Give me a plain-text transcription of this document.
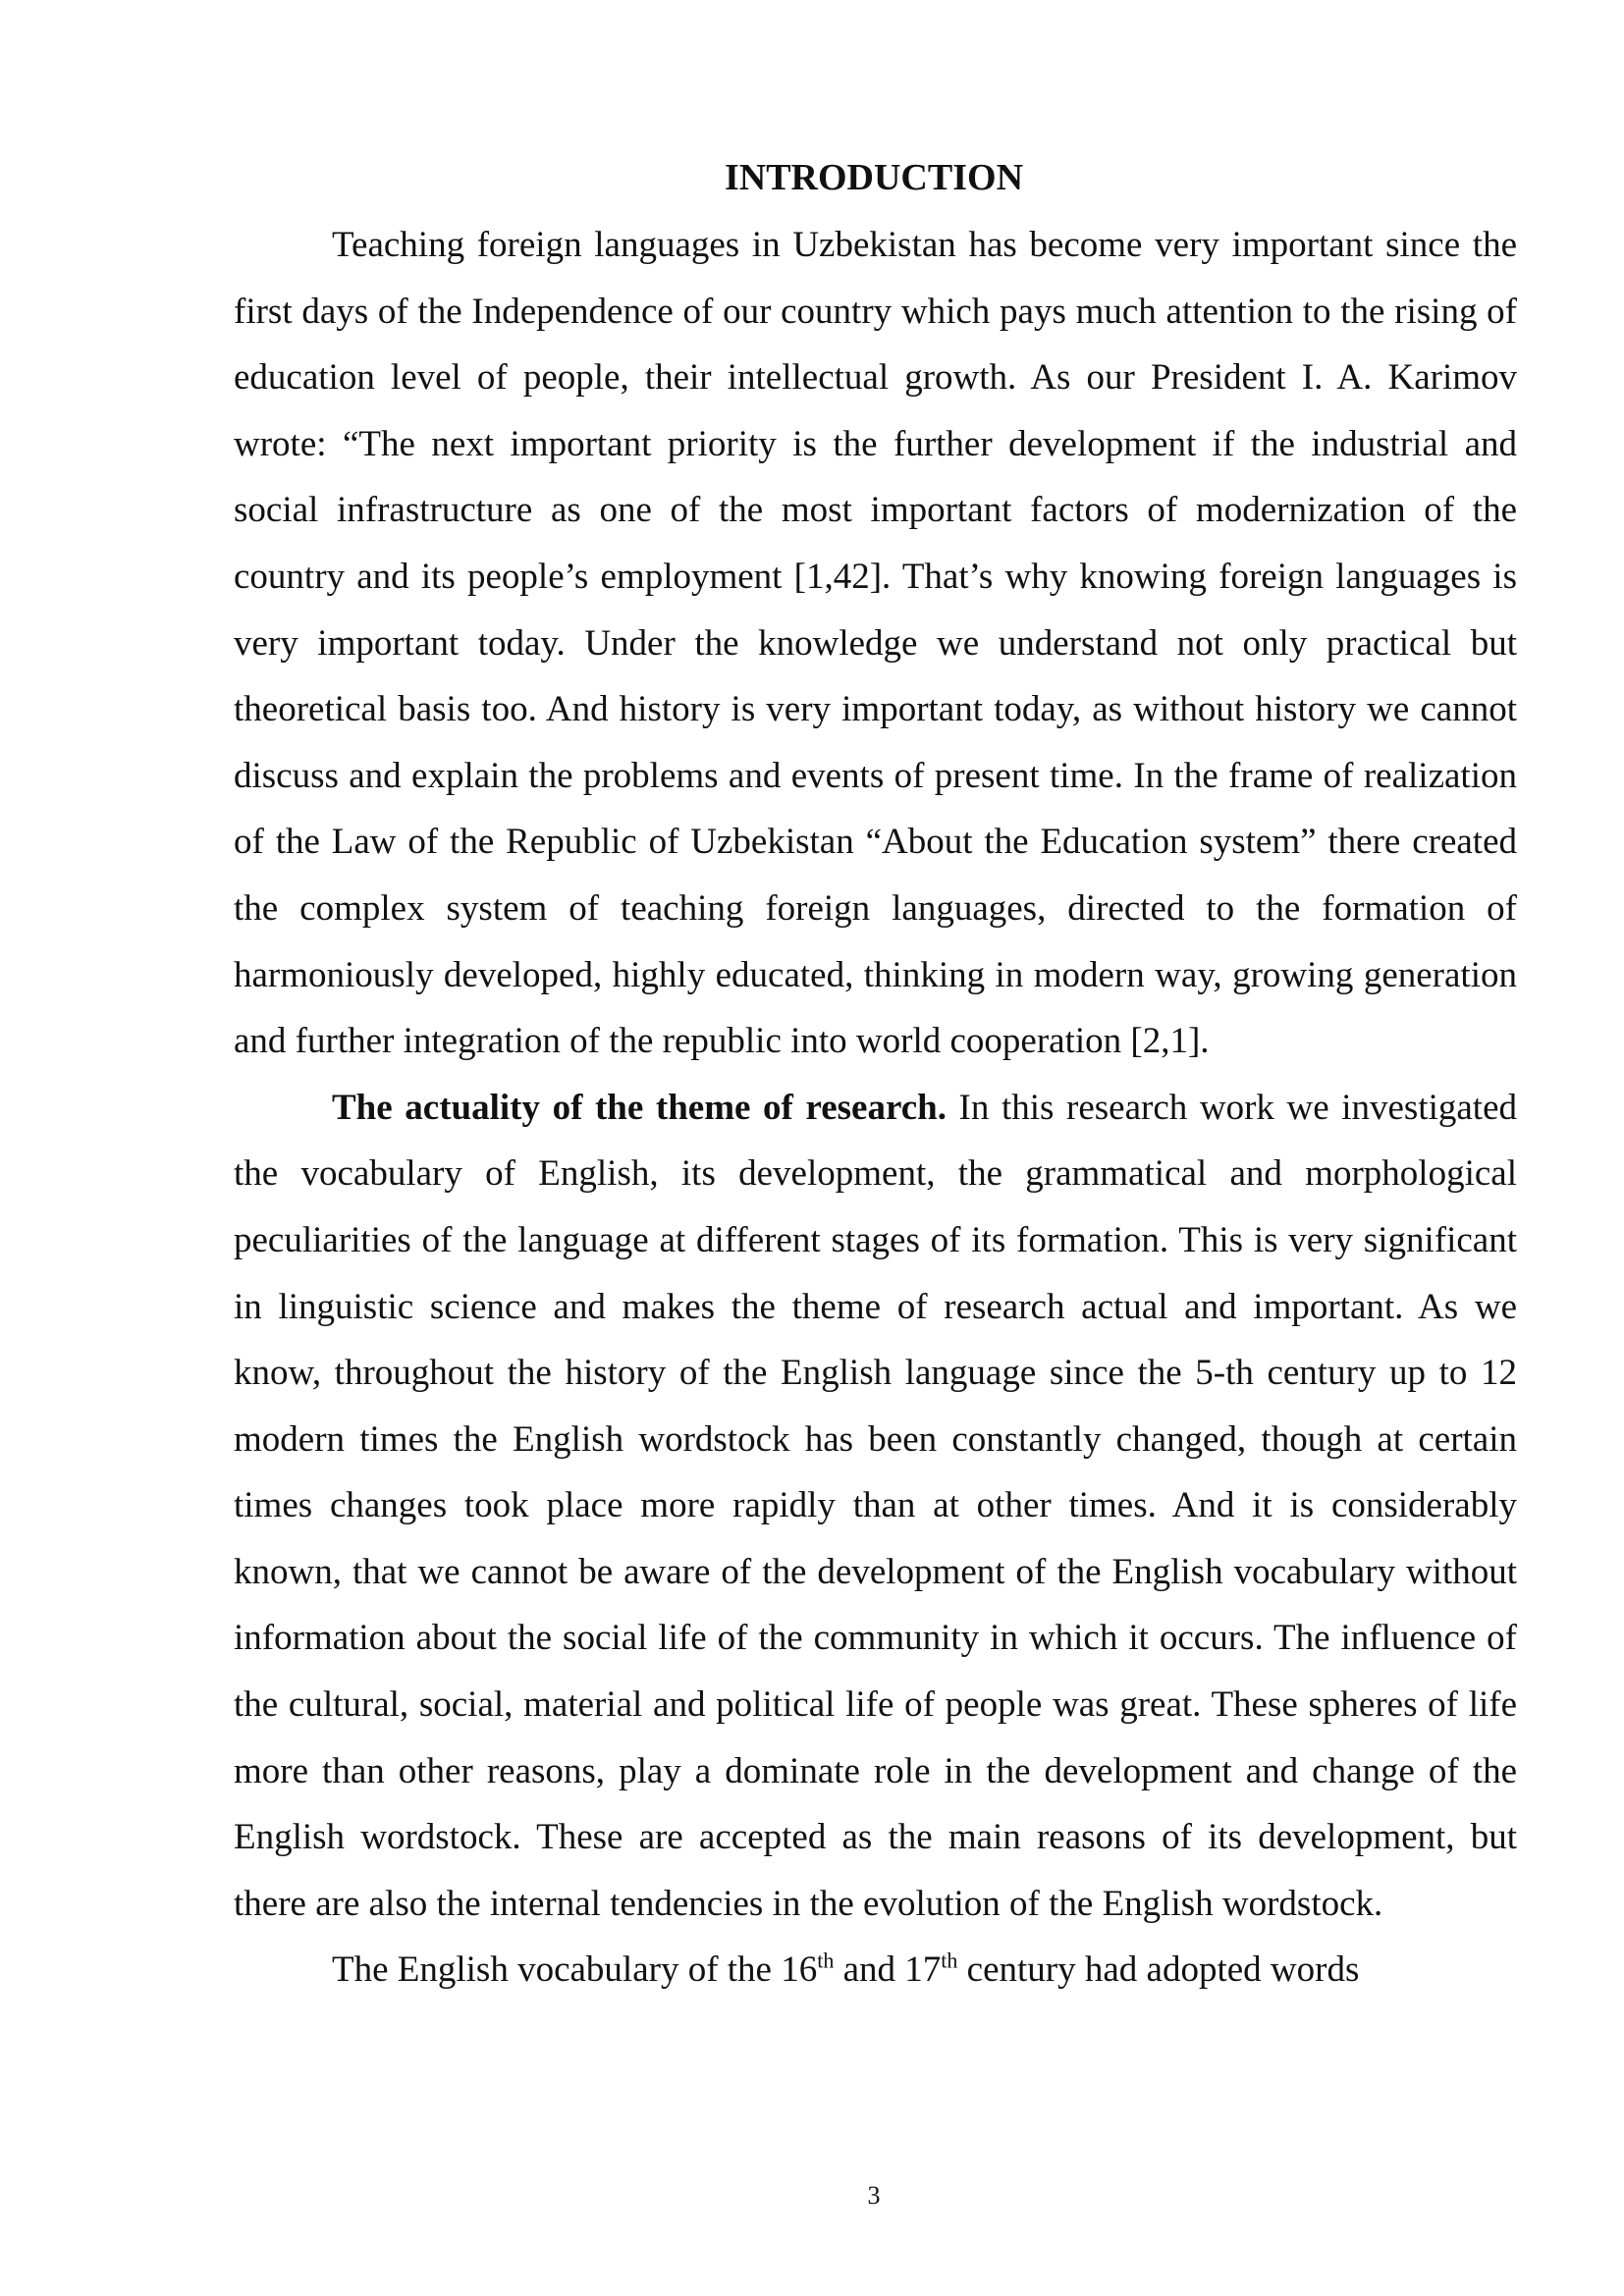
INTRODUCTION

Teaching foreign languages in Uzbekistan has become very important since the first days of the Independence of our country which pays much attention to the rising of education level of people, their intellectual growth. As our President I. A. Karimov wrote: “The next important priority is the further development if the industrial and social infrastructure as one of the most important factors of modernization of the country and its people’s employment [1,42]. That’s why knowing foreign languages is very important today. Under the knowledge we understand not only practical but theoretical basis too. And history is very important today, as without history we cannot discuss and explain the problems and events of present time. In the frame of realization of the Law of the Republic of Uzbekistan “About the Education system” there created the complex system of teaching foreign languages, directed to the formation of harmoniously developed, highly educated, thinking in modern way, growing generation and further integration of the republic into world cooperation [2,1].

The actuality of the theme of research. In this research work we investigated the vocabulary of English, its development, the grammatical and morphological peculiarities of the language at different stages of its formation. This is very significant in linguistic science and makes the theme of research actual and important. As we know, throughout the history of the English language since the 5-th century up to 12 modern times the English wordstock has been constantly changed, though at certain times changes took place more rapidly than at other times. And it is considerably known, that we cannot be aware of the development of the English vocabulary without information about the social life of the community in which it occurs. The influence of the cultural, social, material and political life of people was great. These spheres of life more than other reasons, play a dominate role in the development and change of the English wordstock. These are accepted as the main reasons of its development, but there are also the internal tendencies in the evolution of the English wordstock.

The English vocabulary of the 16th and 17th century had adopted words

3
